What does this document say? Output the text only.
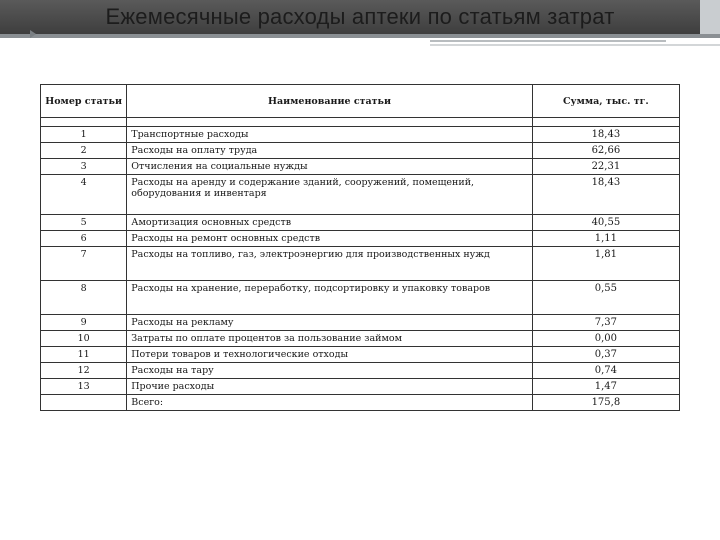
Ежемесячные расходы аптеки по статьям затрат
Номер статьи	Наименование статьи	Сумма, тыс. тг.

1	Транспортные расходы	18,43
2	Расходы на оплату труда	62,66
3	Отчисления на социальные нужды	22,31
4	Расходы на аренду и содержание зданий, сооружений, помещений, оборудования и инвентаря	18,43
5	Амортизация основных средств	40,55
6	Расходы на ремонт основных средств	1,11
7	Расходы на топливо, газ, электроэнергию для производственных нужд	1,81
8	Расходы на хранение, переработку, подсортировку и упаковку товаров	0,55
9	Расходы на рекламу	7,37
10	Затраты по оплате процентов за пользование займом	0,00
11	Потери товаров и технологические отходы	0,37
12	Расходы на тару	0,74
13	Прочие расходы	1,47
	Всего:	175,8
